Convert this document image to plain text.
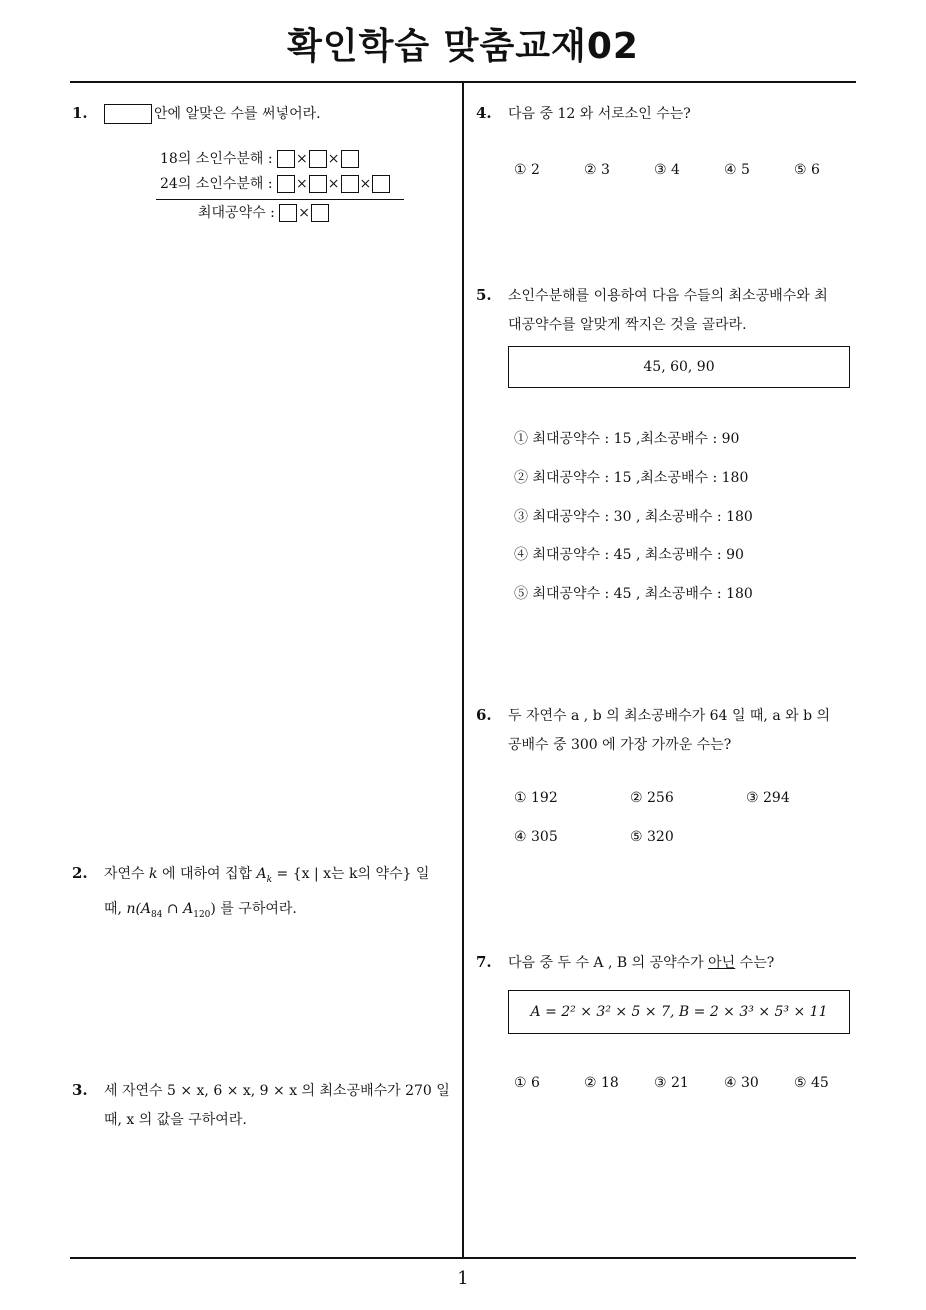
확인학습 맞춤교재02
1.	안에 알맞은 수를 써넣어라.
18의 소인수분해 : × ×
24의 소인수분해 : × × ×
최대공약수 : ×
2. 자연수 k 에 대하여 집합 $A_k = \{x$ | x는 k의 약수} 일
때, $n(A_{84}$ ∩ $A_{120}$) 를 구하여라.
3. 세 자연수 5 × x, 6 × x, 9 × x 의 최소공배수가 270 일
때, x 의 값을 구하여라.
4. 다음 중 12 와 서로소인 수는?
① 2	② 3	③ 4	④ 5	⑤ 6
5. 소인수분해를 이용하여 다음 수들의 최소공배수와 최
대공약수를 알맞게 짝지은 것을 골라라.
45, 60, 90
① 최대공약수 : 15 ,최소공배수 : 90
② 최대공약수 : 15 ,최소공배수 : 180
③ 최대공약수 : 30 , 최소공배수 : 180
④ 최대공약수 : 45 , 최소공배수 : 90
⑤ 최대공약수 : 45 , 최소공배수 : 180
6. 두 자연수 a , b 의 최소공배수가 64 일 때, a 와 b 의
공배수 중 300 에 가장 가까운 수는?
① 192	② 256	③ 294
④ 305	⑤ 320
7. 다음 중 두 수 A , B 의 공약수가 아닌 수는?
A = 2² × 3² × 5 × 7, B = 2 × 3³ × 5³ × 11
① 6	② 18	③ 21	④ 30	⑤ 45
1
